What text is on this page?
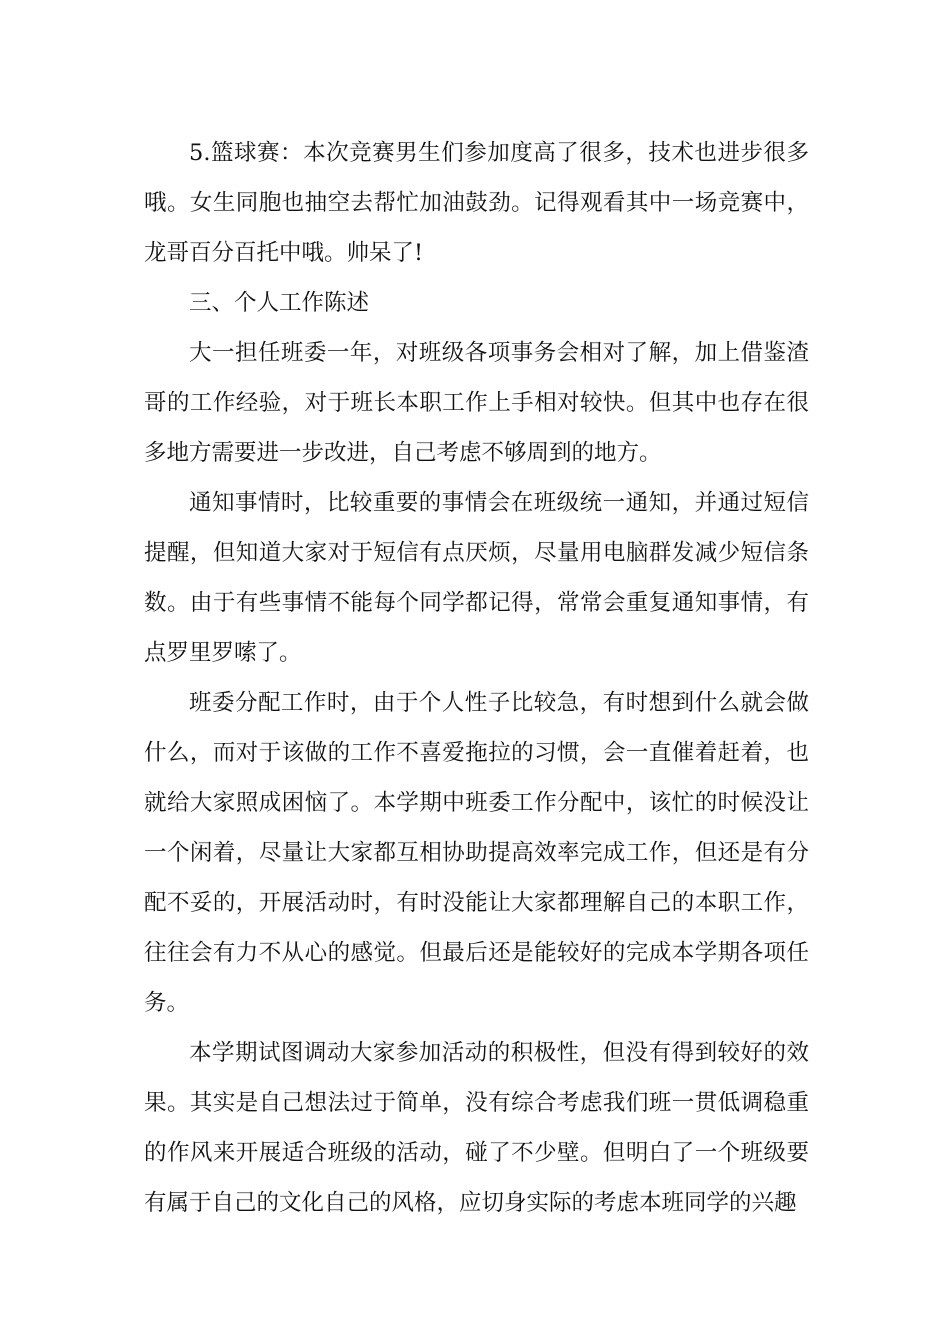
5.篮球赛：本次竞赛男生们参加度高了很多，技术也进步很多哦。女生同胞也抽空去帮忙加油鼓劲。记得观看其中一场竞赛中，龙哥百分百托中哦。帅呆了!

三、个人工作陈述

大一担任班委一年，对班级各项事务会相对了解，加上借鉴渣哥的工作经验，对于班长本职工作上手相对较快。但其中也存在很多地方需要进一步改进，自己考虑不够周到的地方。

通知事情时，比较重要的事情会在班级统一通知，并通过短信提醒，但知道大家对于短信有点厌烦，尽量用电脑群发减少短信条数。由于有些事情不能每个同学都记得，常常会重复通知事情，有点罗里罗嗦了。

班委分配工作时，由于个人性子比较急，有时想到什么就会做什么，而对于该做的工作不喜爱拖拉的习惯，会一直催着赶着，也就给大家照成困恼了。本学期中班委工作分配中，该忙的时候没让一个闲着，尽量让大家都互相协助提高效率完成工作，但还是有分配不妥的，开展活动时，有时没能让大家都理解自己的本职工作，往往会有力不从心的感觉。但最后还是能较好的完成本学期各项任务。

本学期试图调动大家参加活动的积极性，但没有得到较好的效果。其实是自己想法过于简单，没有综合考虑我们班一贯低调稳重的作风来开展适合班级的活动，碰了不少壁。但明白了一个班级要有属于自己的文化自己的风格，应切身实际的考虑本班同学的兴趣
